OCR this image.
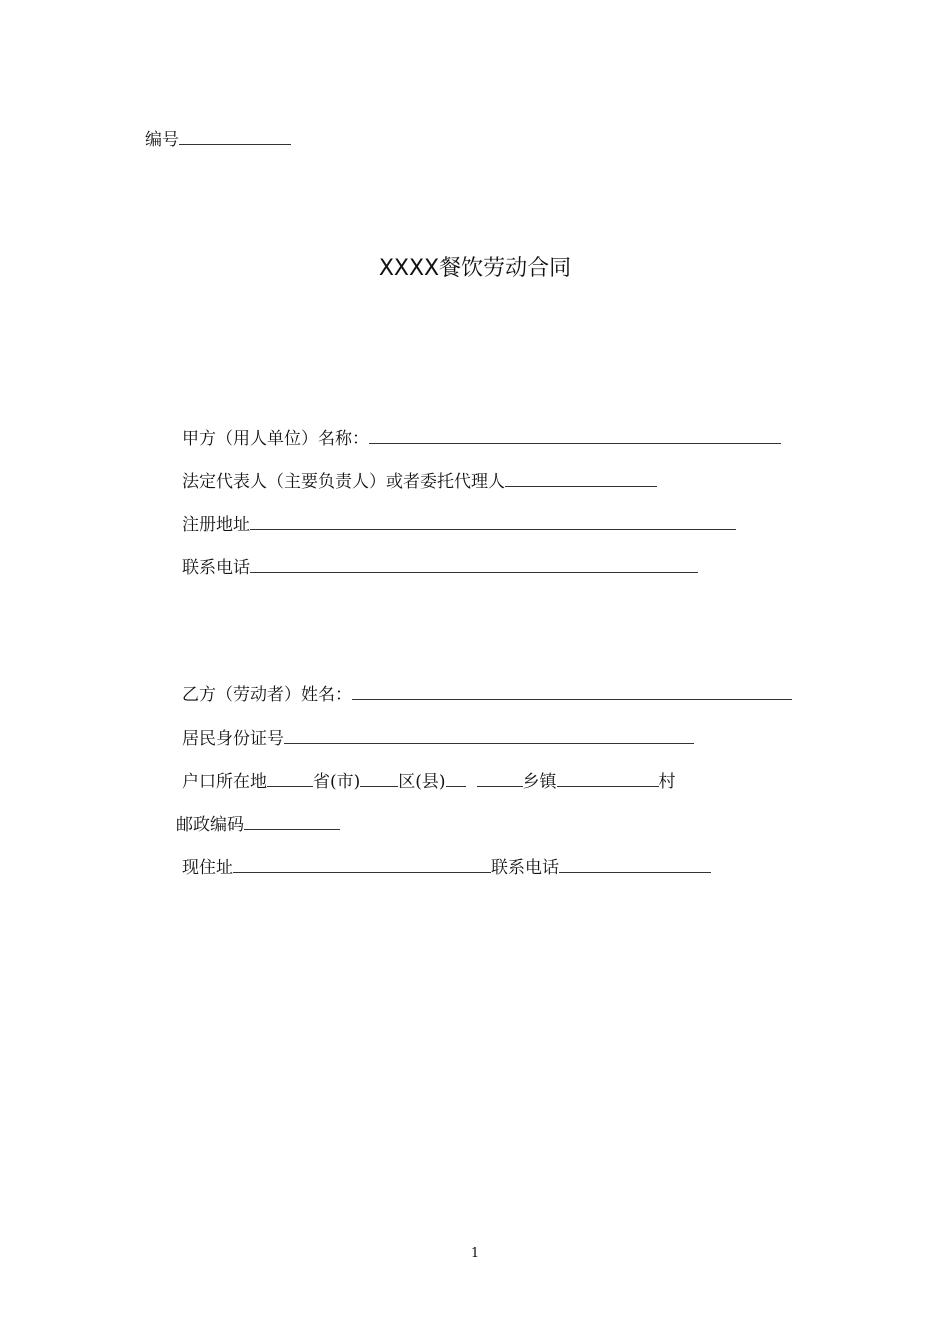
编号
XXXX餐饮劳动合同
甲方（用人单位）名称：
法定代表人（主要负责人）或者委托代理人
注册地址
联系电话
乙方（劳动者）姓名：
居民身份证号
户口所在地	省(市) 区(县)	乡镇	村
邮政编码
现住址	联系电话
1
